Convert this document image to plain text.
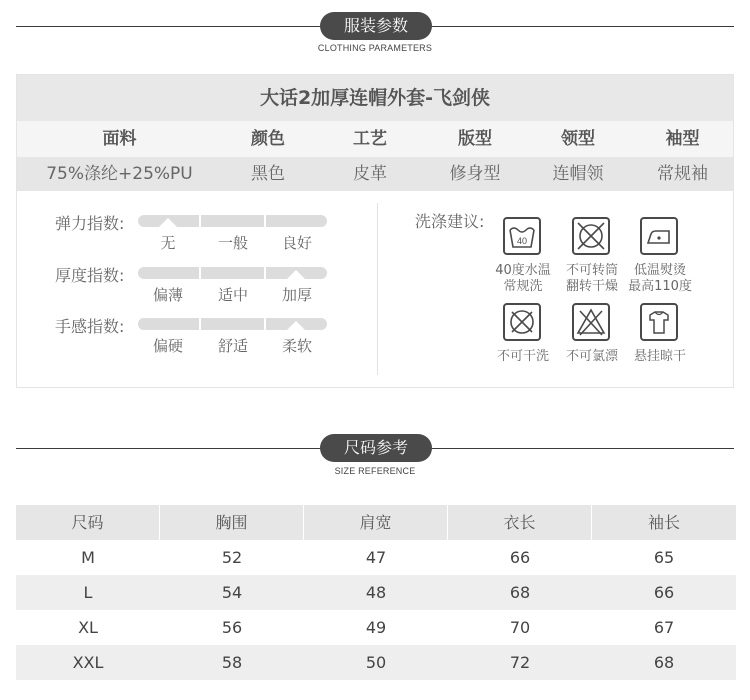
服装参数
CLOTHING PARAMETERS
大话2加厚连帽外套-飞剑侠
面料	颜色	工艺	版型	领型	袖型
75%涤纶+25%PU	黑色	皮革	修身型	连帽领	常规袖
弹力指数:
无	一般	良好
厚度指数:
偏薄	适中	加厚
手感指数:
偏硬	舒适	柔软
洗涤建议:
40
40度水温
常规洗
不可转筒
翻转干燥
低温熨烫
最高110度
不可干洗	不可氯漂	悬挂晾干
尺码参考
SIZE REFERENCE
尺码	胸围	肩宽	衣长	袖长
M	52	47	66	65
L	54	48	68	66
XL	56	49	70	67
XXL	58	50	72	68
